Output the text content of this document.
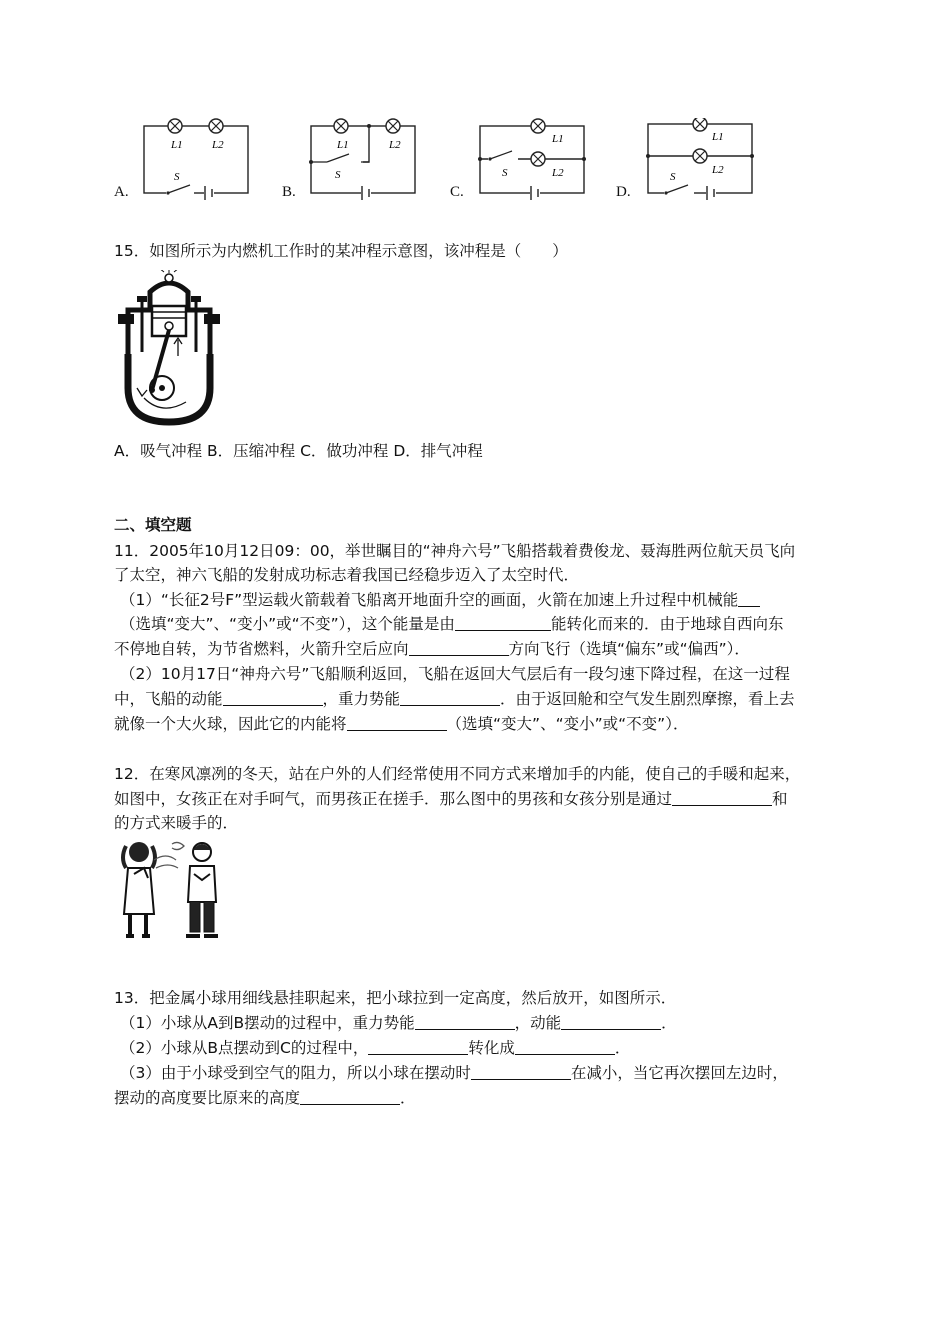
A.
L1	L2
S
B.
L1	L2
S
C.
L1
L2
S
D.
L1
L2
S
15．如图所示为内燃机工作时的某冲程示意图，该冲程是（　　）
A．吸气冲程 B．压缩冲程 C．做功冲程 D．排气冲程
二、填空题
11．2005年10月12日09：00，举世瞩目的“神舟六号”飞船搭载着费俊龙、聂海胜两位航天员飞向
了太空，神六飞船的发射成功标志着我国已经稳步迈入了太空时代．
（1）“长征2号F”型运载火箭载着飞船离开地面升空的画面，火箭在加速上升过程中机械能
（选填“变大”、“变小”或“不变”），这个能量是由	能转化而来的．由于地球自西向东
不停地自转，为节省燃料，火箭升空后应向	方向飞行（选填“偏东”或“偏西”）．
（2）10月17日“神舟六号”飞船顺利返回，飞船在返回大气层后有一段匀速下降过程，在这一过程
中，飞船的动能	，重力势能	．由于返回舱和空气发生剧烈摩擦，看上去
就像一个大火球，因此它的内能将	（选填“变大”、“变小”或“不变”）．
12．在寒风凛冽的冬天，站在户外的人们经常使用不同方式来增加手的内能，使自己的手暖和起来，
如图中，女孩正在对手呵气，而男孩正在搓手．那么图中的男孩和女孩分别是通过	和
的方式来暖手的．
13．把金属小球用细线悬挂职起来，把小球拉到一定高度，然后放开，如图所示．
（1）小球从A到B摆动的过程中，重力势能	，动能	．
（2）小球从B点摆动到C的过程中，	转化成	．
（3）由于小球受到空气的阻力，所以小球在摆动时	在减小，当它再次摆回左边时，
摆动的高度要比原来的高度	．
